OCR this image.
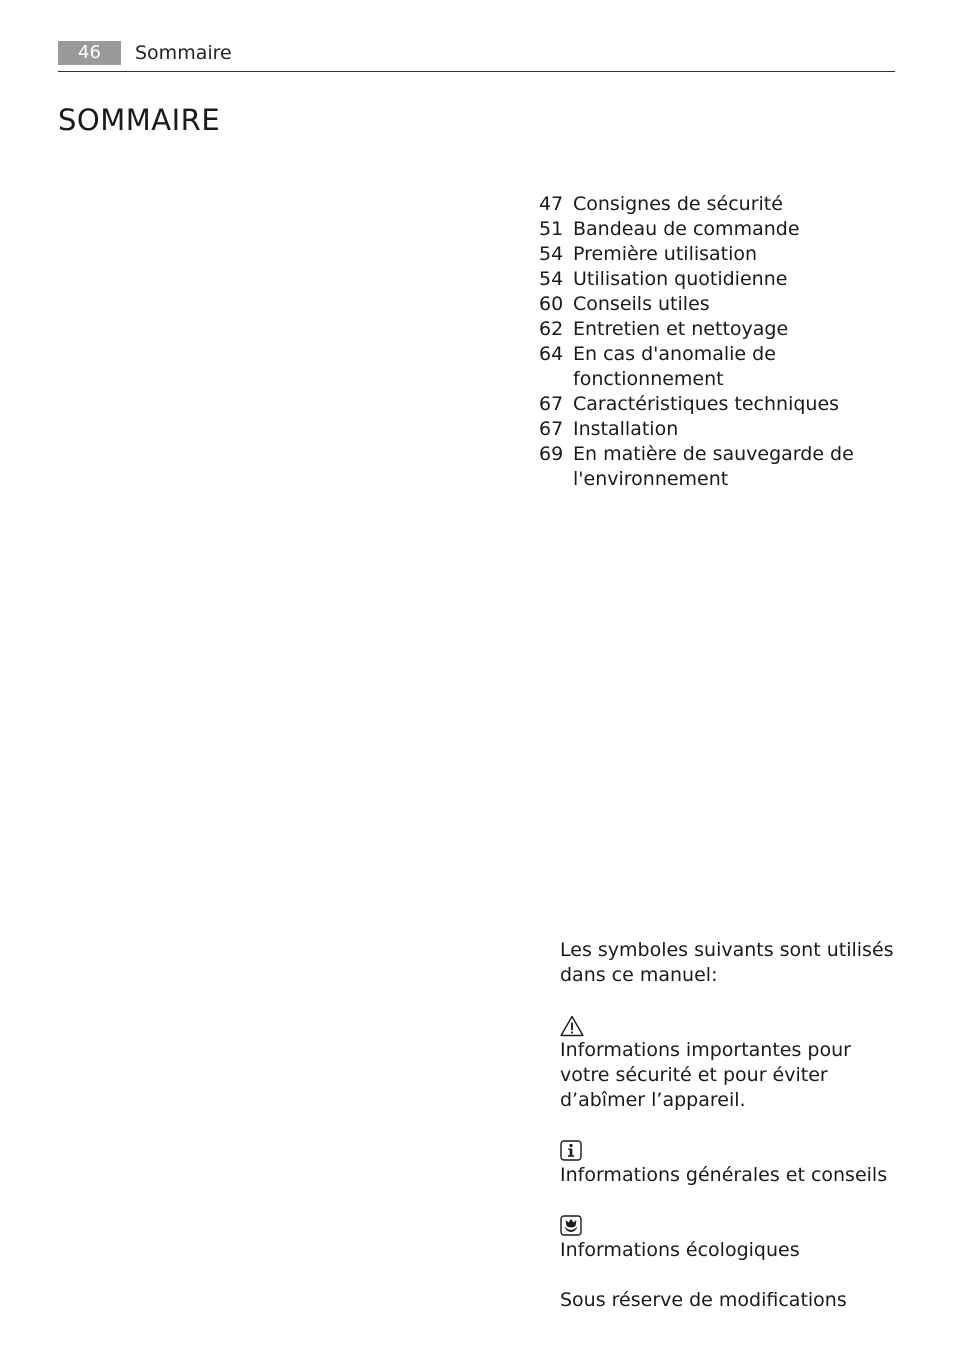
46	Sommaire
SOMMAIRE
47 Consignes de sécurité
51 Bandeau de commande
54 Première utilisation
54 Utilisation quotidienne
60 Conseils utiles
62 Entretien et nettoyage
64 En cas d'anomalie de fonctionnement
67 Caractéristiques techniques
67 Installation
69 En matière de sauvegarde de l'environnement

Les symboles suivants sont utilisés dans ce manuel:

Informations importantes pour votre sécurité et pour éviter d’abîmer l’appareil.

Informations générales et conseils

Informations écologiques

Sous réserve de modifications
